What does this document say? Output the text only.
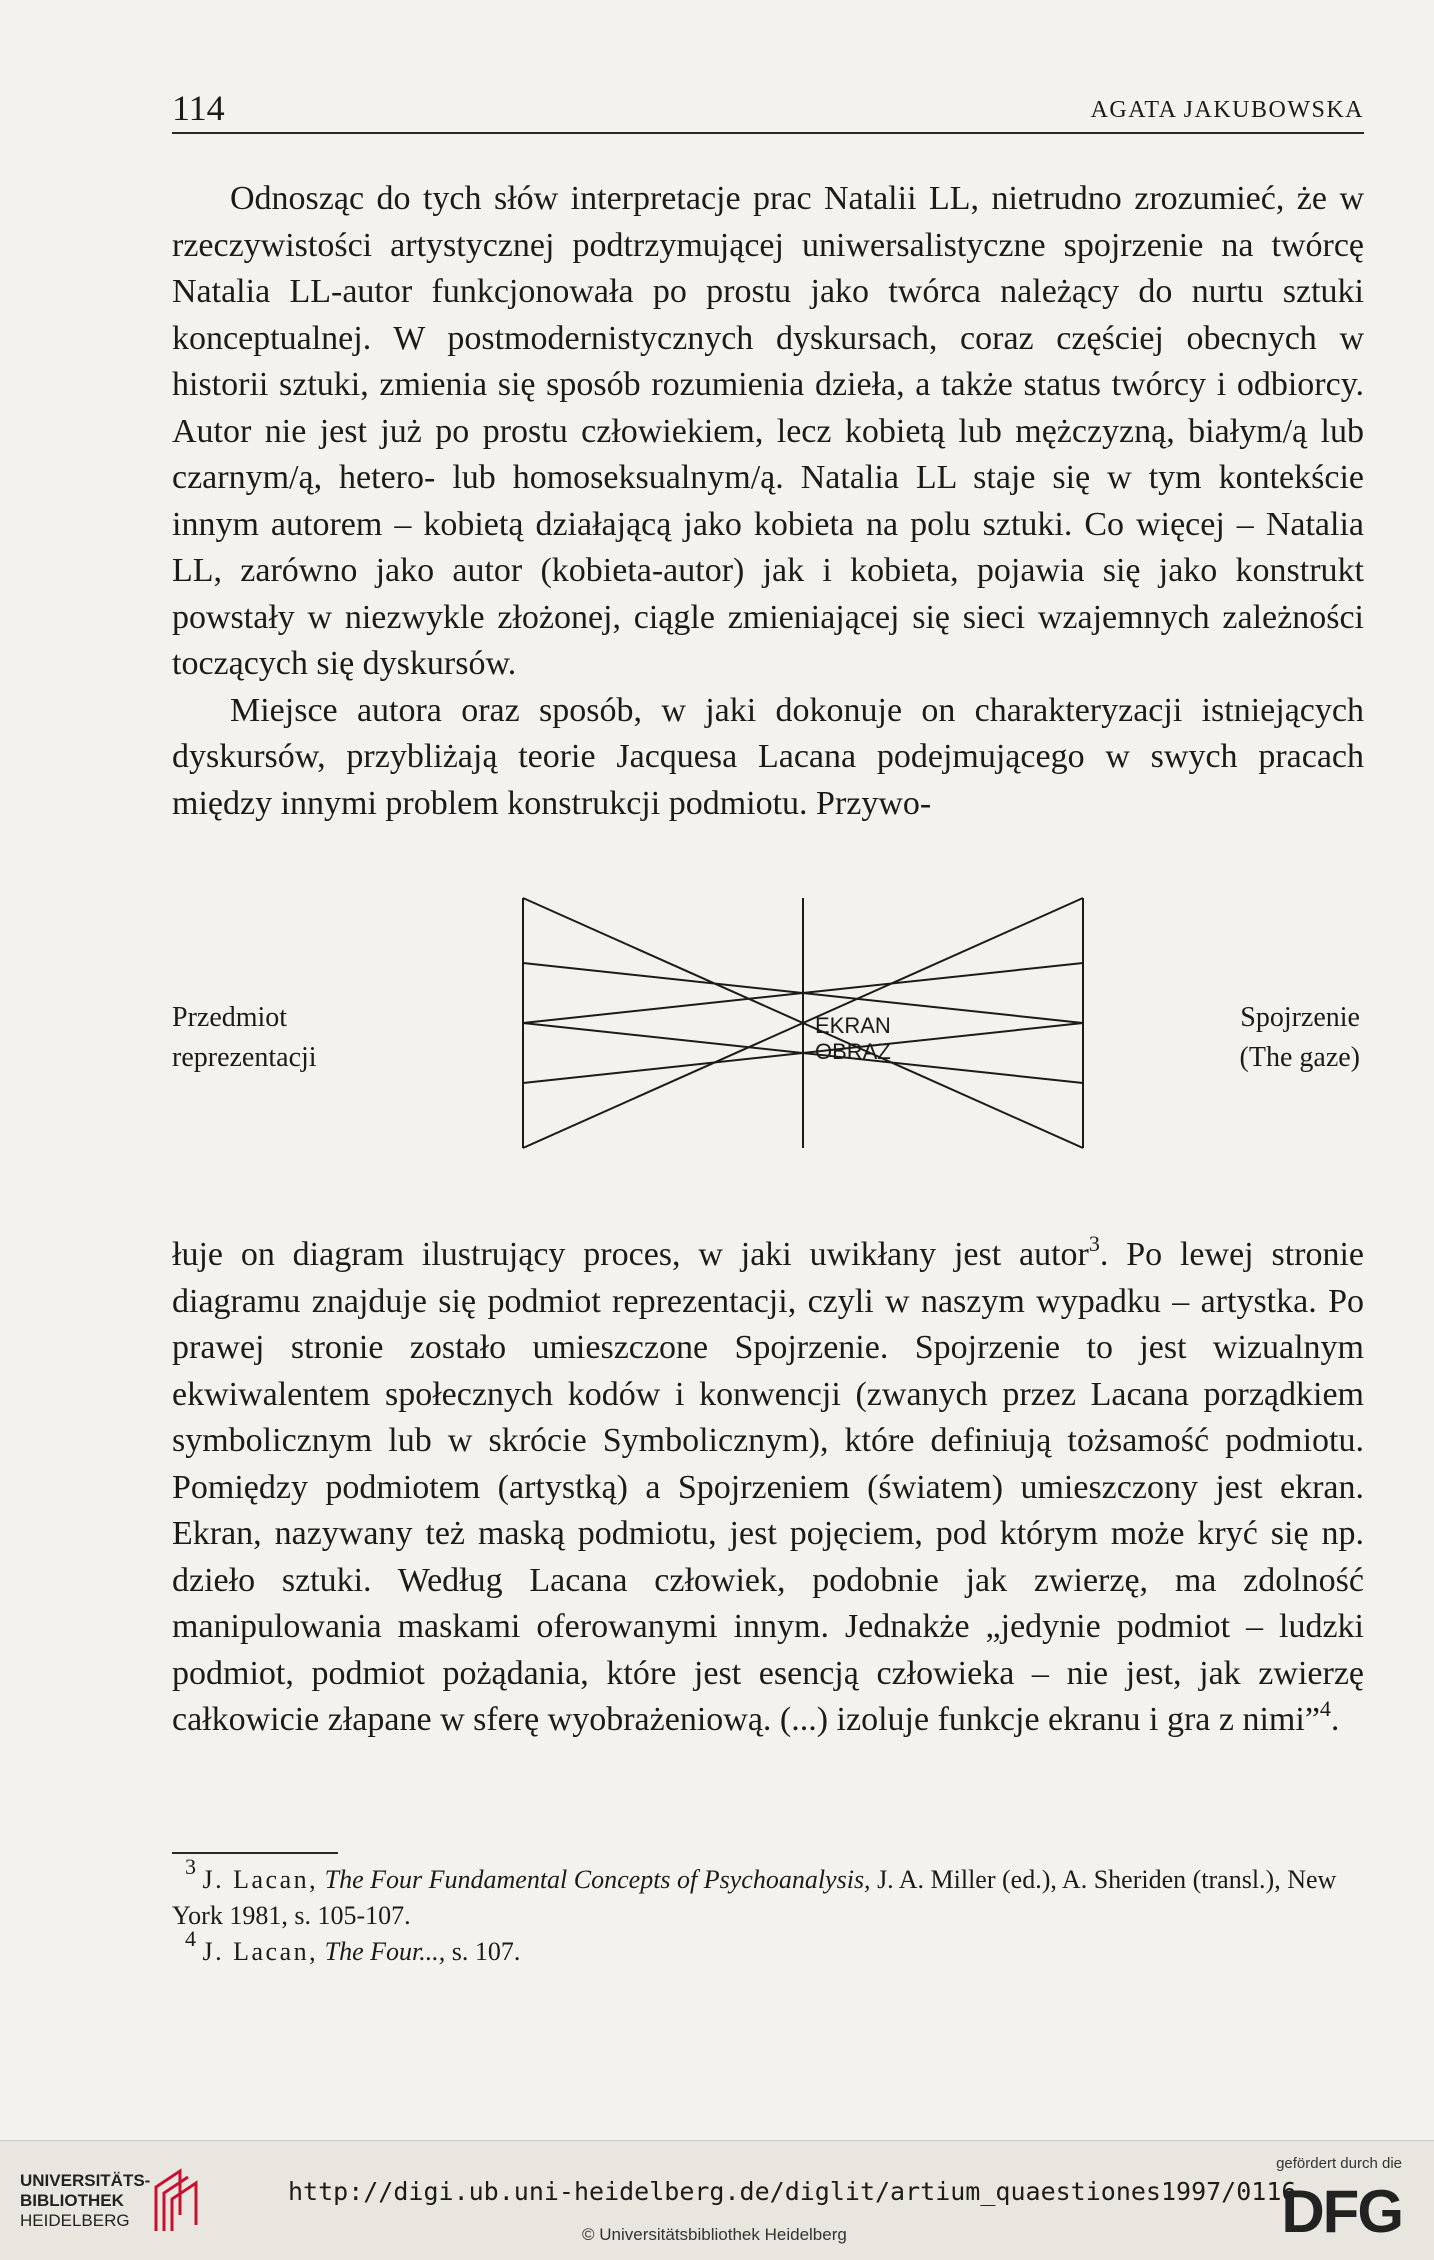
114	AGATA JAKUBOWSKA

Odnosząc do tych słów interpretacje prac Natalii LL, nietrudno zrozumieć, że w rzeczywistości artystycznej podtrzymującej uniwersalistyczne spojrzenie na twórcę Natalia LL-autor funkcjonowała po prostu jako twórca należący do nurtu sztuki konceptualnej. W postmodernistycznych dyskursach, coraz częściej obecnych w historii sztuki, zmienia się sposób rozumienia dzieła, a także status twórcy i odbiorcy. Autor nie jest już po prostu człowiekiem, lecz kobietą lub mężczyzną, białym/ą lub czarnym/ą, hetero- lub homoseksualnym/ą. Natalia LL staje się w tym kontekście innym autorem – kobietą działającą jako kobieta na polu sztuki. Co więcej – Natalia LL, zarówno jako autor (kobieta-autor) jak i kobieta, pojawia się jako konstrukt powstały w niezwykle złożonej, ciągle zmieniającej się sieci wzajemnych zależności toczących się dyskursów.

Miejsce autora oraz sposób, w jaki dokonuje on charakteryzacji istniejących dyskursów, przybliżają teorie Jacquesa Lacana podejmującego w swych pracach między innymi problem konstrukcji podmiotu. Przywo-

Przedmiot
reprezentacji
EKRAN
OBRAZ
Spojrzenie
(The gaze)

łuje on diagram ilustrujący proces, w jaki uwikłany jest autor$^3$. Po lewej stronie diagramu znajduje się podmiot reprezentacji, czyli w naszym wypadku – artystka. Po prawej stronie zostało umieszczone Spojrzenie. Spojrzenie to jest wizualnym ekwiwalentem społecznych kodów i konwencji (zwanych przez Lacana porządkiem symbolicznym lub w skrócie Symbolicznym), które definiują tożsamość podmiotu. Pomiędzy podmiotem (artystką) a Spojrzeniem (światem) umieszczony jest ekran. Ekran, nazywany też maską podmiotu, jest pojęciem, pod którym może kryć się np. dzieło sztuki. Według Lacana człowiek, podobnie jak zwierzę, ma zdolność manipulowania maskami oferowanymi innym. Jednakże „jedynie podmiot – ludzki podmiot, podmiot pożądania, które jest esencją człowieka – nie jest, jak zwierzę całkowicie złapane w sferę wyobrażeniową. (...) izoluje funkcje ekranu i gra z nimi”$^4$.

$^3$ J. Lacan, The Four Fundamental Concepts of Psychoanalysis, J. A. Miller (ed.), A. Sheriden (transl.), New York 1981, s. 105-107.

$^4$ J. Lacan, The Four..., s. 107.

UNIVERSITÄTS-
BIBLIOTHEK
HEIDELBERG
http://digi.ub.uni-heidelberg.de/diglit/artium_quaestiones1997/0116
© Universitätsbibliothek Heidelberg
gefördert durch die
DFG
